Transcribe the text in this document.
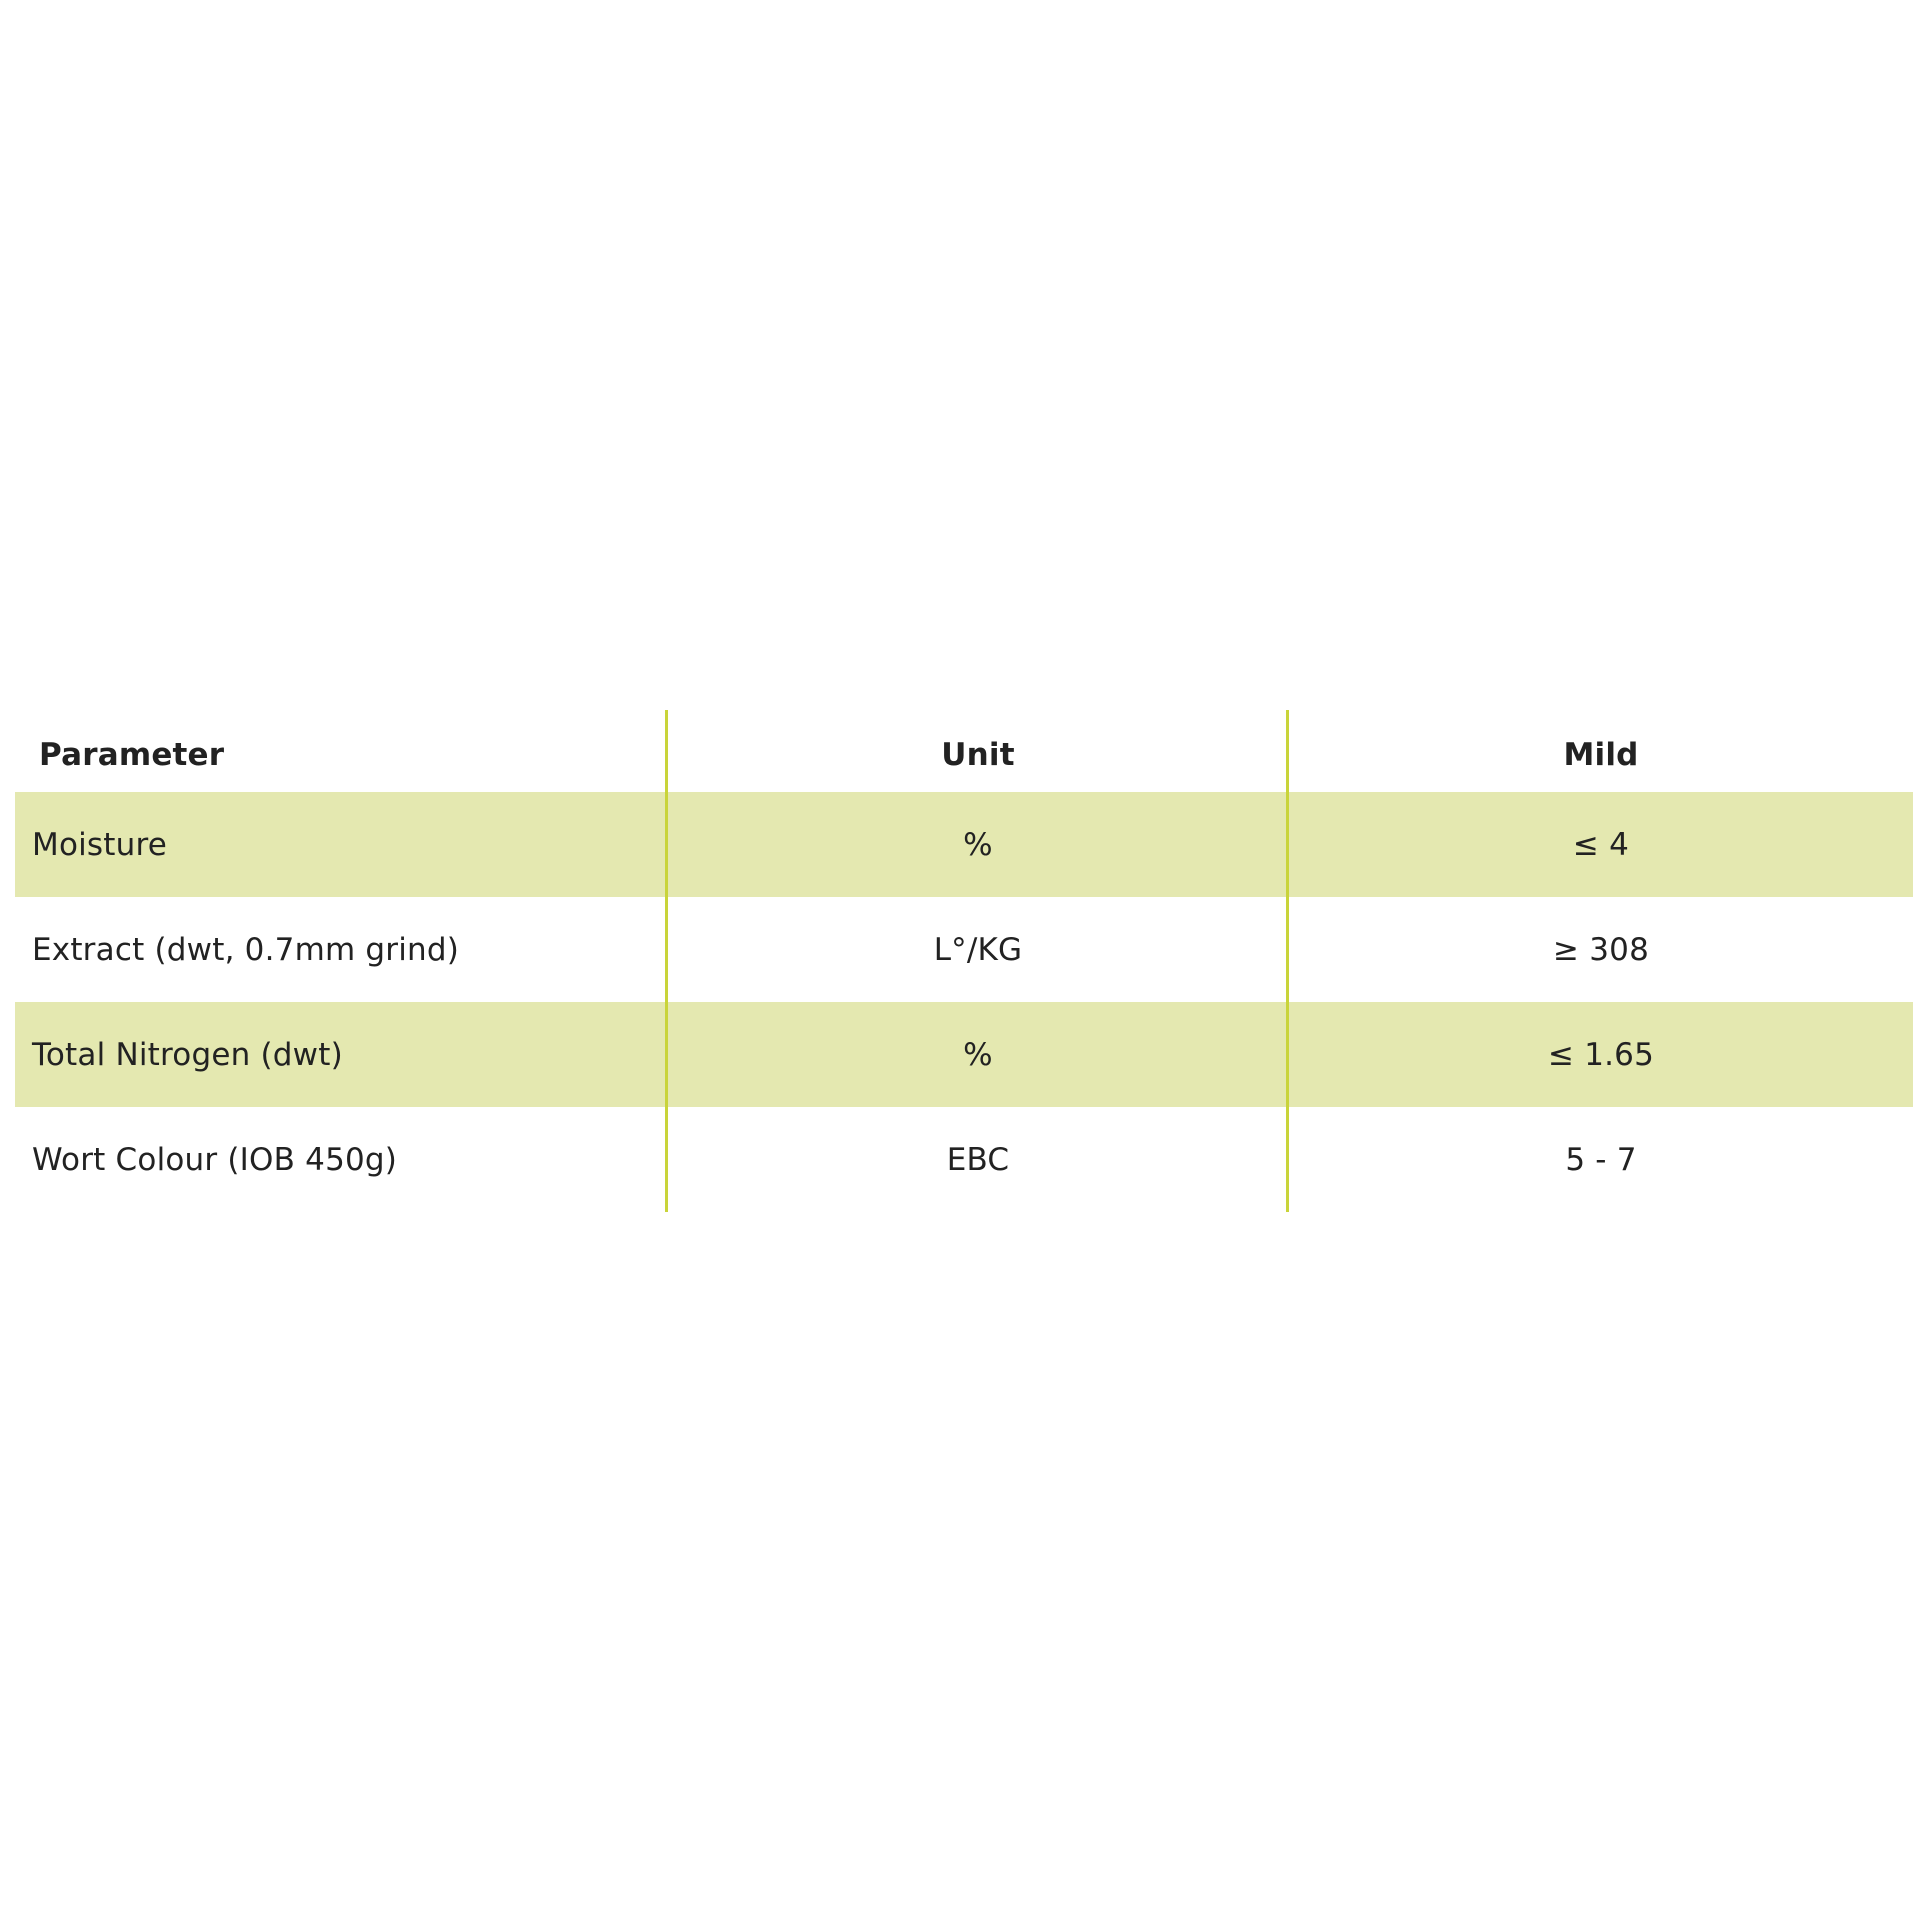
Parameter	Unit	Mild
Moisture	%	≤ 4
Extract (dwt, 0.7mm grind)	L°/KG	≥ 308
Total Nitrogen (dwt)	%	≤ 1.65
Wort Colour (IOB 450g)	EBC	5 - 7
